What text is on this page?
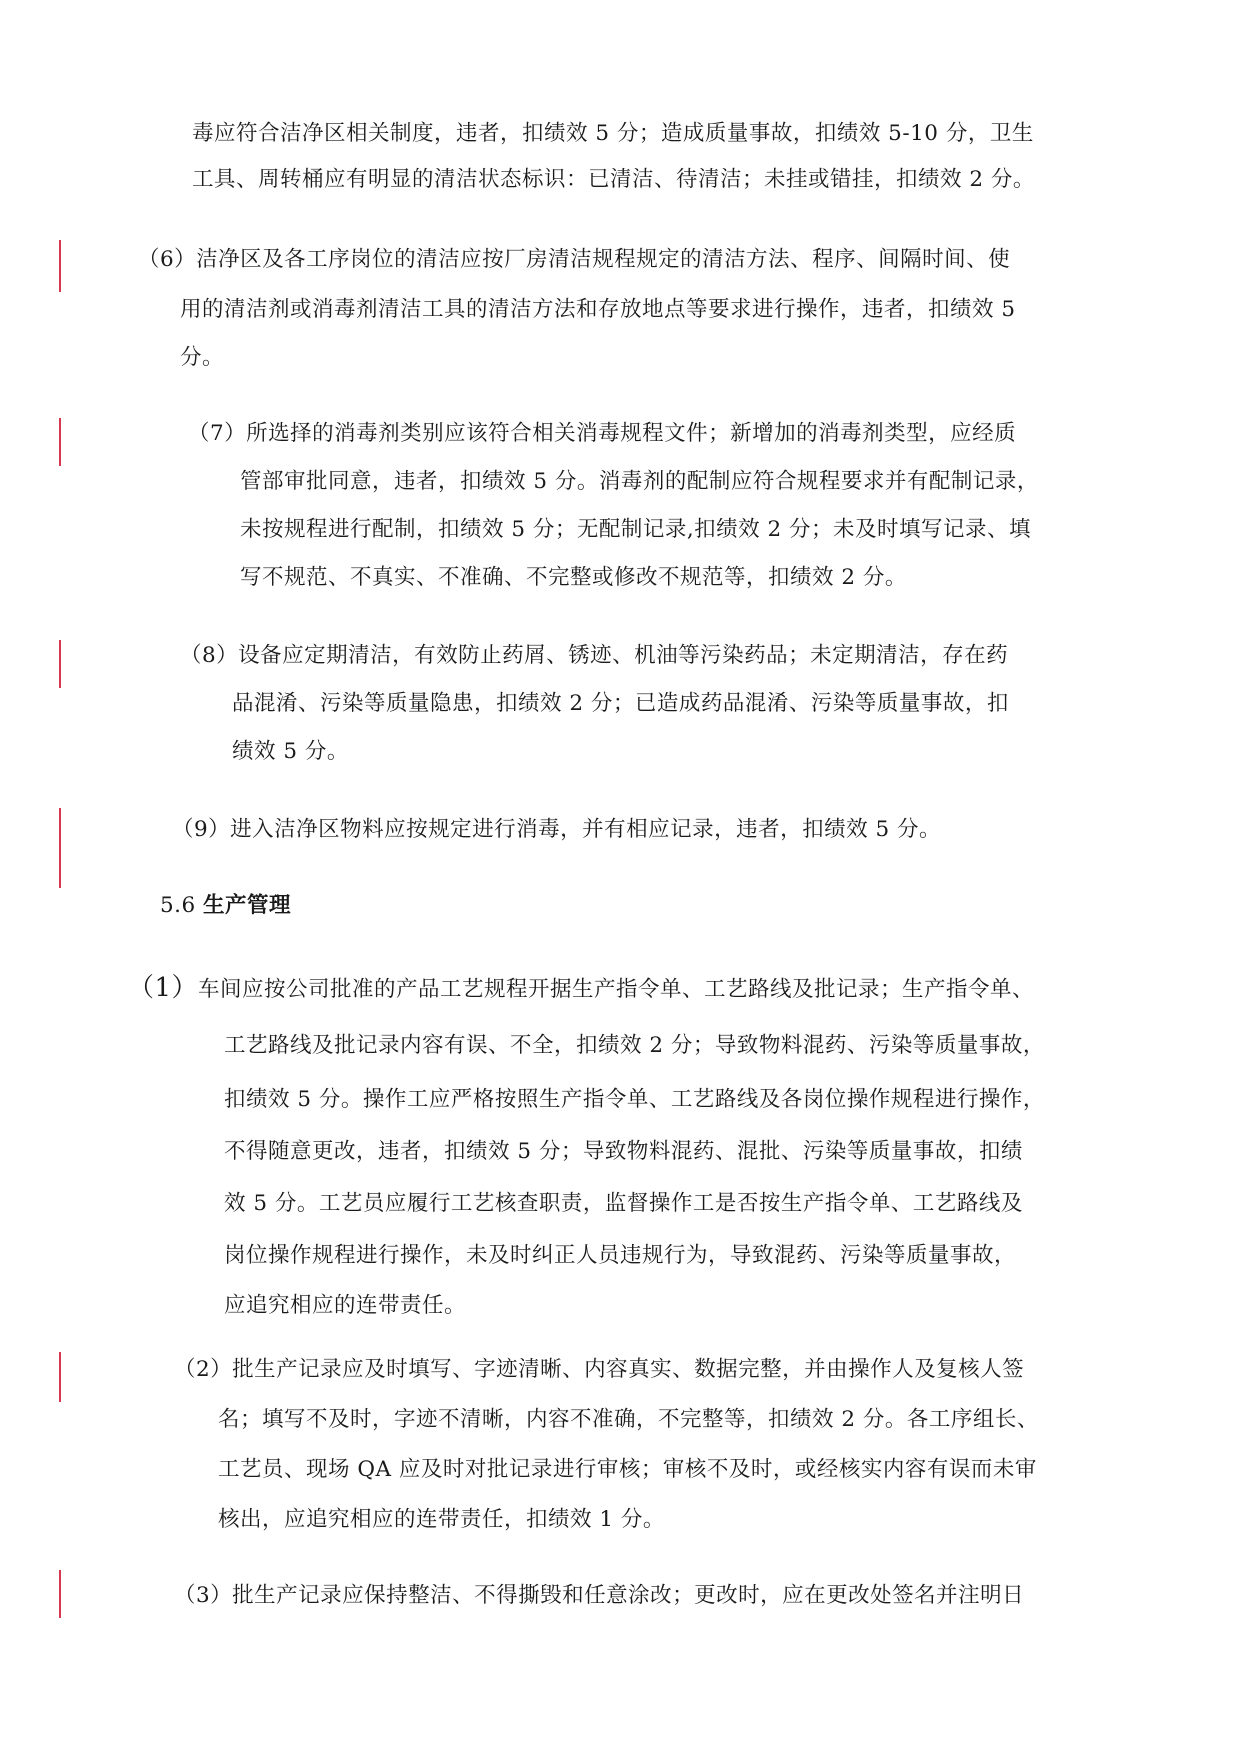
毒应符合洁净区相关制度，违者，扣绩效 5 分；造成质量事故，扣绩效 5-10 分，卫生
工具、周转桶应有明显的清洁状态标识：已清洁、待清洁；未挂或错挂，扣绩效 2 分。
（6）洁净区及各工序岗位的清洁应按厂房清洁规程规定的清洁方法、程序、间隔时间、使
用的清洁剂或消毒剂清洁工具的清洁方法和存放地点等要求进行操作，违者，扣绩效 5
分。
（7）所选择的消毒剂类别应该符合相关消毒规程文件；新增加的消毒剂类型，应经质
管部审批同意，违者，扣绩效 5 分。消毒剂的配制应符合规程要求并有配制记录，
未按规程进行配制，扣绩效 5 分；无配制记录,扣绩效 2 分；未及时填写记录、填
写不规范、不真实、不准确、不完整或修改不规范等，扣绩效 2 分。
（8）设备应定期清洁，有效防止药屑、锈迹、机油等污染药品；未定期清洁，存在药
品混淆、污染等质量隐患，扣绩效 2 分；已造成药品混淆、污染等质量事故，扣
绩效 5 分。
（9）进入洁净区物料应按规定进行消毒，并有相应记录，违者，扣绩效 5 分。
5.6 生产管理
（1）车间应按公司批准的产品工艺规程开据生产指令单、工艺路线及批记录；生产指令单、
工艺路线及批记录内容有误、不全，扣绩效 2 分；导致物料混药、污染等质量事故，
扣绩效 5 分。操作工应严格按照生产指令单、工艺路线及各岗位操作规程进行操作，
不得随意更改，违者，扣绩效 5 分；导致物料混药、混批、污染等质量事故，扣绩
效 5 分。工艺员应履行工艺核查职责，监督操作工是否按生产指令单、工艺路线及
岗位操作规程进行操作，未及时纠正人员违规行为，导致混药、污染等质量事故，
应追究相应的连带责任。
（2）批生产记录应及时填写、字迹清晰、内容真实、数据完整，并由操作人及复核人签
名；填写不及时，字迹不清晰，内容不准确，不完整等，扣绩效 2 分。各工序组长、
工艺员、现场 QA 应及时对批记录进行审核；审核不及时，或经核实内容有误而未审
核出，应追究相应的连带责任，扣绩效 1 分。
（3）批生产记录应保持整洁、不得撕毁和任意涂改；更改时，应在更改处签名并注明日
